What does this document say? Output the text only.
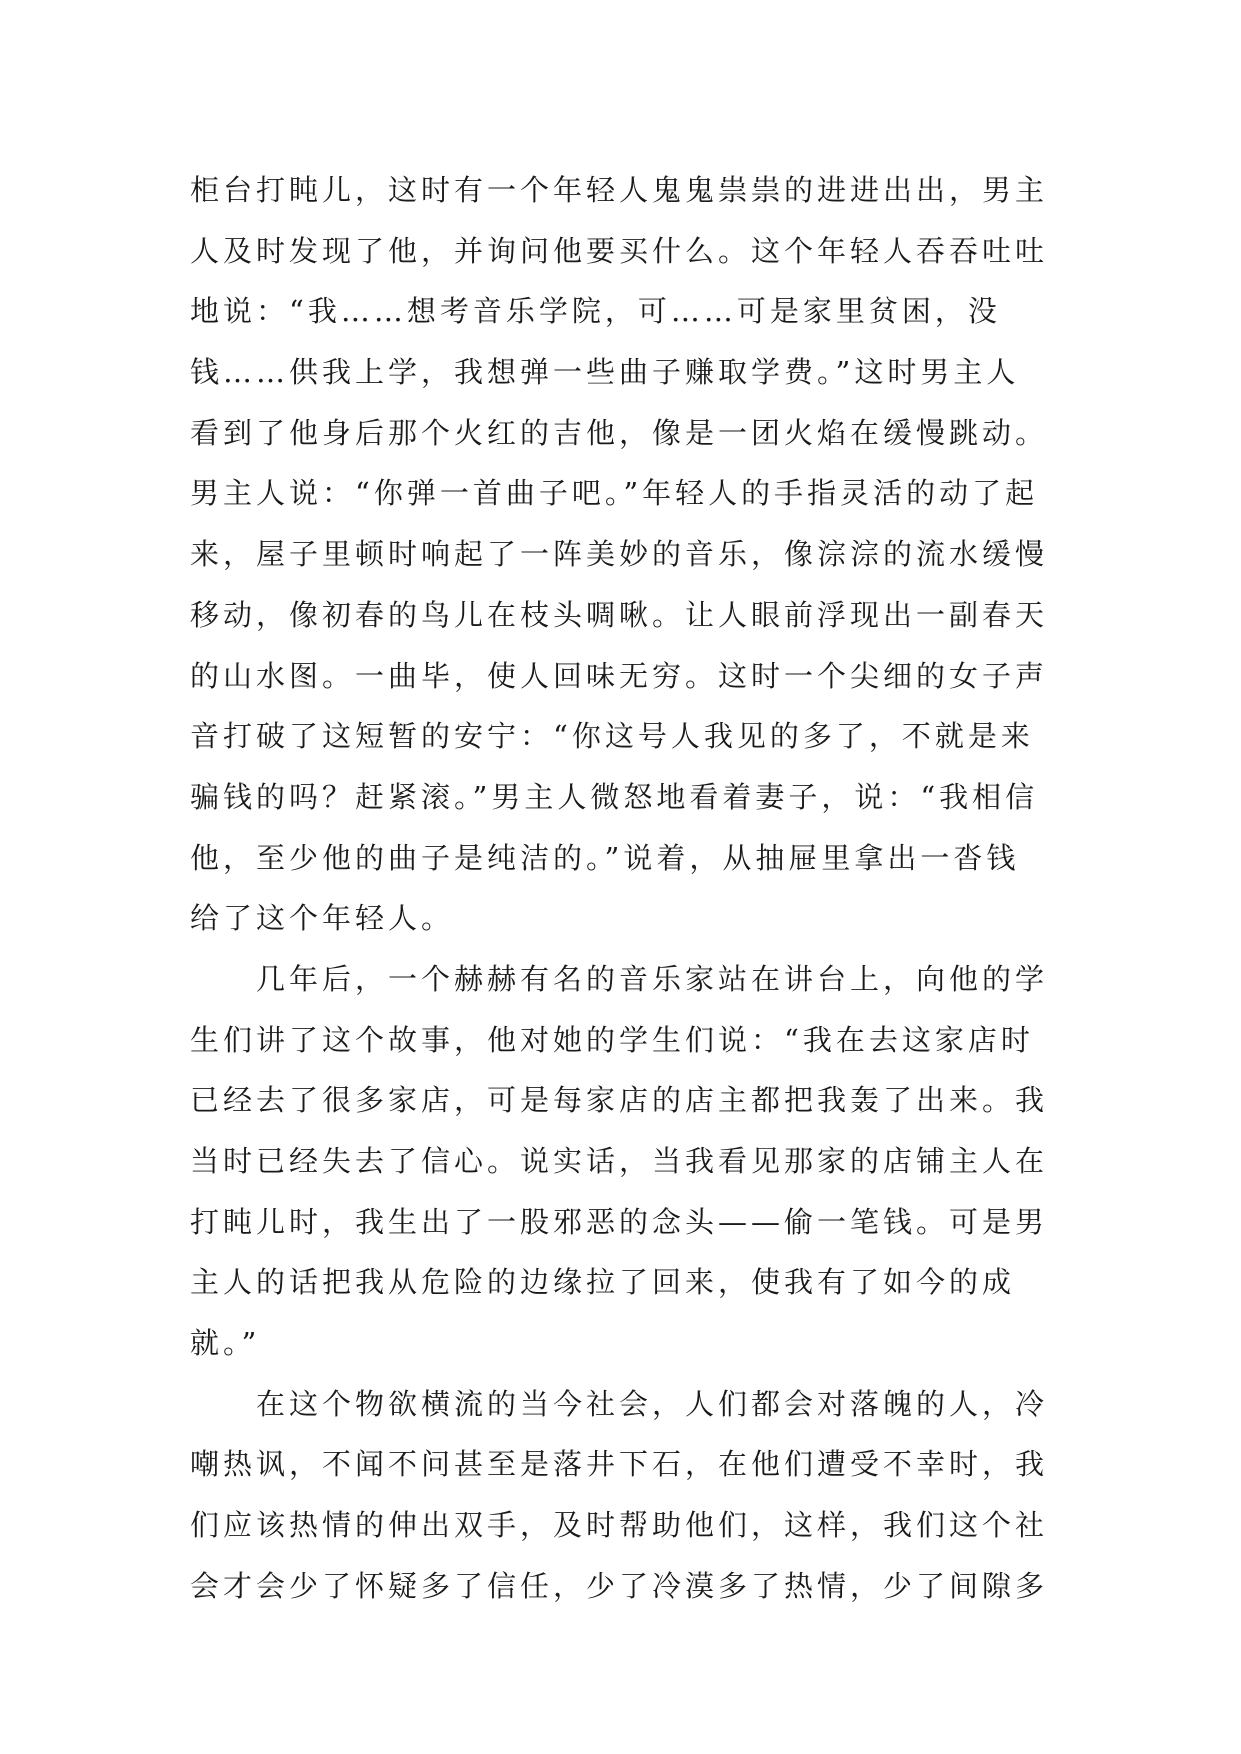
柜台打盹儿，这时有一个年轻人鬼鬼祟祟的进进出出，男主
人及时发现了他，并询问他要买什么。这个年轻人吞吞吐吐
地说：“我……想考音乐学院，可……可是家里贫困，没
钱……供我上学，我想弹一些曲子赚取学费。”这时男主人
看到了他身后那个火红的吉他，像是一团火焰在缓慢跳动。
男主人说：“你弹一首曲子吧。”年轻人的手指灵活的动了起
来，屋子里顿时响起了一阵美妙的音乐，像淙淙的流水缓慢
移动，像初春的鸟儿在枝头啁啾。让人眼前浮现出一副春天
的山水图。一曲毕，使人回味无穷。这时一个尖细的女子声
音打破了这短暂的安宁：“你这号人我见的多了，不就是来
骗钱的吗？赶紧滚。”男主人微怒地看着妻子，说：“我相信
他，至少他的曲子是纯洁的。”说着，从抽屉里拿出一沓钱
给了这个年轻人。
几年后，一个赫赫有名的音乐家站在讲台上，向他的学
生们讲了这个故事，他对她的学生们说：“我在去这家店时
已经去了很多家店，可是每家店的店主都把我轰了出来。我
当时已经失去了信心。说实话，当我看见那家的店铺主人在
打盹儿时，我生出了一股邪恶的念头——偷一笔钱。可是男
主人的话把我从危险的边缘拉了回来，使我有了如今的成
就。”
在这个物欲横流的当今社会，人们都会对落魄的人，冷
嘲热讽，不闻不问甚至是落井下石，在他们遭受不幸时，我
们应该热情的伸出双手，及时帮助他们，这样，我们这个社
会才会少了怀疑多了信任，少了冷漠多了热情，少了间隙多
